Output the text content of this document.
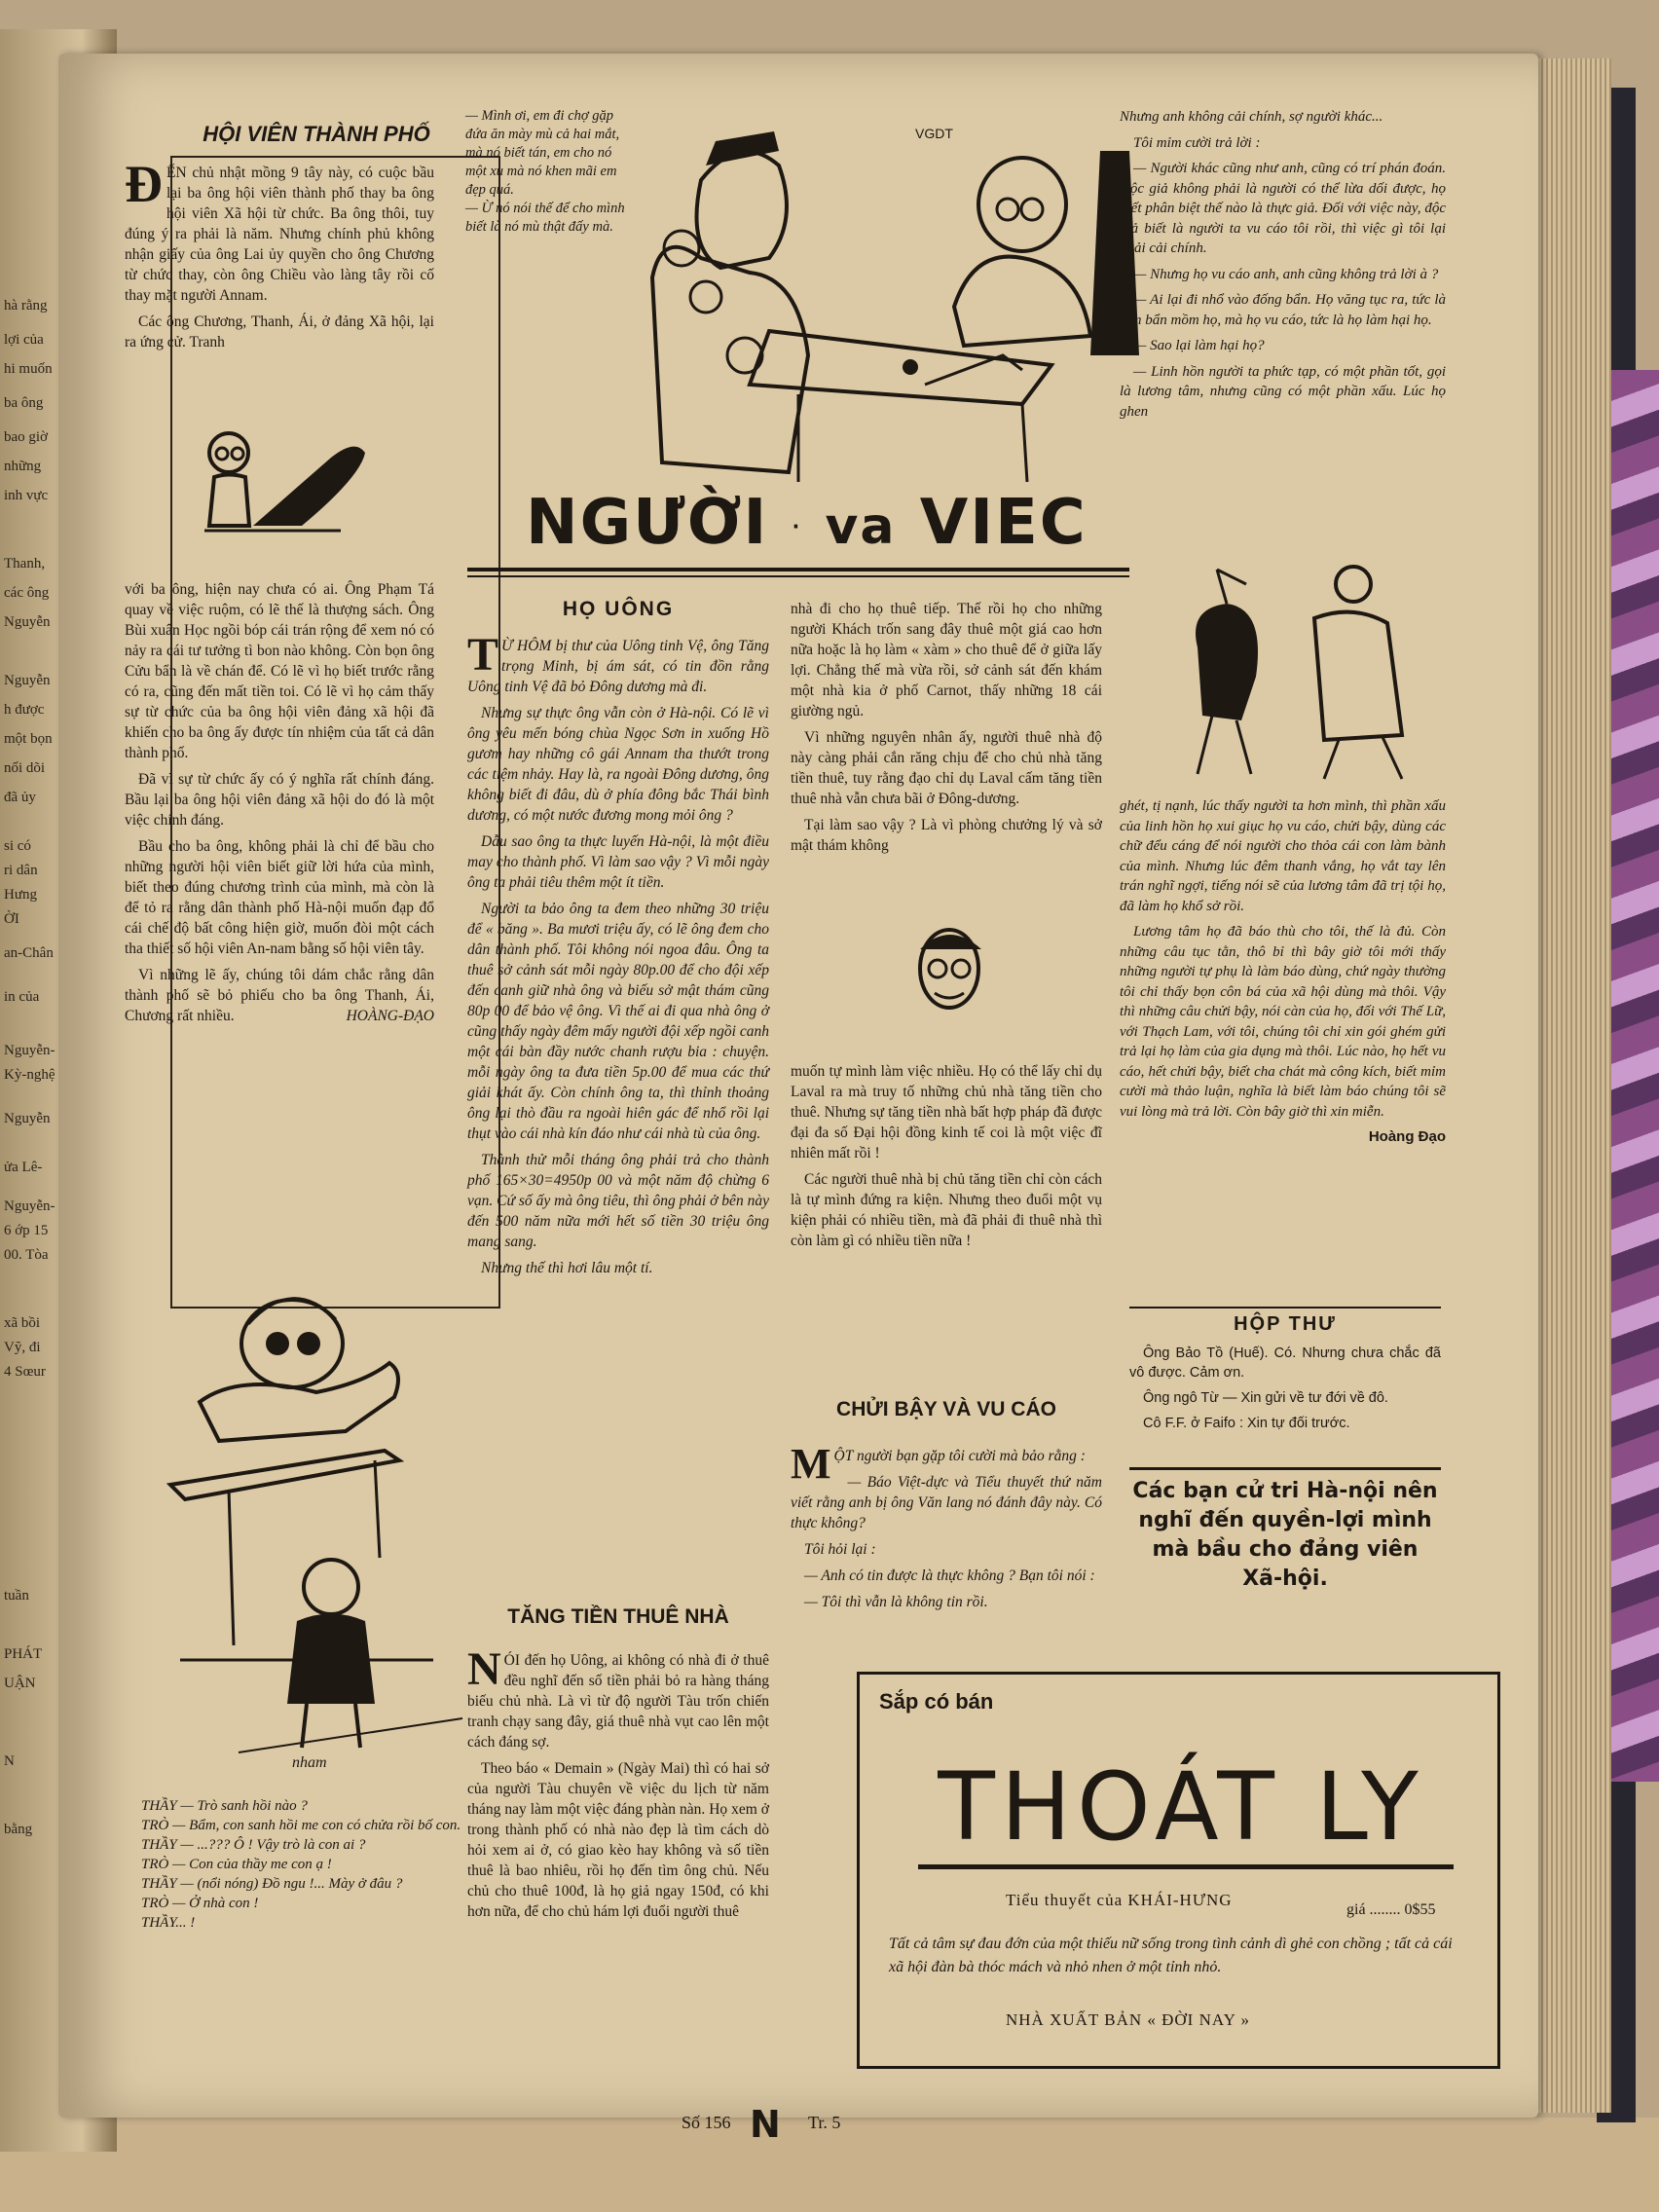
hà rằng
lợi của
hi muốn
ba ông
bao giờ
những
inh vực
Thanh,
các ông
Nguyễn
Nguyễn
h được
một bọn
nối dõi
đã ủy
si có
ri dân
Hưng
ỜI
an-Chân
in của
Nguyễn-
Kỳ-nghệ
Nguyễn
ửa Lê-
Nguyễn-
6 ớp 15
00. Tòa
xã bồi
Vỹ, đi
4 Sœur
tuần
PHÁT
UẬN
N
bằng
HỘI VIÊN THÀNH PHỐ

ĐẾN chủ nhật mồng 9 tây này, có cuộc bầu lại ba ông hội viên thành phố thay ba ông hội viên Xã hội từ chức. Ba ông thôi, tuy đúng ý ra phải là năm. Nhưng chính phủ không nhận giấy của ông Lai ủy quyền cho ông Chương từ chức thay, còn ông Chiều vào làng tây rồi cố thay mặt người Annam.

Các ông Chương, Thanh, Ái, ở đảng Xã hội, lại ra ứng cử. Tranh

với ba ông, hiện nay chưa có ai. Ông Phạm Tá quay về việc ruộm, có lẽ thế là thượng sách. Ông Bùi xuân Học ngồi bóp cái trán rộng để xem nó có nảy ra cái tư tưởng tì bon nào không. Còn bọn ông Cửu bẩn là về chán để. Có lẽ vì họ biết trước rằng có ra, cũng đến mất tiền toi. Có lẽ vì họ cảm thấy sự từ chức của ba ông hội viên đảng xã hội đã khiến cho ba ông ấy được tín nhiệm của tất cả dân thành phố.

Đã vì sự từ chức ấy có ý nghĩa rất chính đáng. Bầu lại ba ông hội viên đảng xã hội do đó là một việc chính đáng.

Bầu cho ba ông, không phải là chỉ để bầu cho những người hội viên biết giữ lời hứa của mình, biết theo đúng chương trình của mình, mà còn là để tỏ ra rằng dân thành phố Hà-nội muốn đạp đổ cái chế độ bất công hiện giờ, muốn đòi một cách tha thiết số hội viên An-nam bằng số hội viên tây.

Vì những lẽ ấy, chúng tôi dám chắc rằng dân thành phố sẽ bỏ phiếu cho ba ông Thanh, Ái, Chương rất nhiều.	HOÀNG-ĐẠO
nham
THẦY — Trò sanh hồi nào ?
TRÒ — Bẩm, con sanh hồi me con có chửa rồi bố con.
THẦY — ...??? Ô ! Vậy trò là con ai ?
TRÒ — Con của thầy me con ạ !
THẦY — (nổi nóng) Đồ ngu !... Mày ở đâu ?
TRÒ — Ở nhà con !
THẦY... !
— Mình ơi, em đi chợ gặp đứa ăn mày mù cả hai mắt, mà nó biết tán, em cho nó một xu mà nó khen mãi em đẹp quá.
— Ừ nó nói thế để cho mình biết là nó mù thật đấy mà.
VGDT
NGƯỜI · va VIEC
HỌ UÔNG

T Ừ HÔM bị thư của Uông tinh Vệ, ông Tăng trọng Minh, bị ám sát, có tin đồn rằng Uông tinh Vệ đã bỏ Đông dương mà đi.

Nhưng sự thực ông vẫn còn ở Hà-nội. Có lẽ vì ông yêu mến bóng chùa Ngọc Sơn in xuống Hồ gươm hay những cô gái Annam tha thướt trong các tiệm nhảy. Hay là, ra ngoài Đông dương, ông không biết đi đâu, dù ở phía đông bắc Thái bình dương, có một nước đương mong mỏi ông ?

Dẫu sao ông ta thực luyến Hà-nội, là một điều may cho thành phố. Vì làm sao vậy ? Vì mỗi ngày ông ta phải tiêu thêm một ít tiền.

Người ta bảo ông ta đem theo những 30 triệu để « băng ». Ba mươi triệu ấy, có lẽ ông đem cho dân thành phố. Tôi không nói ngoa đâu. Ông ta thuê sở cảnh sát mỗi ngày 80p.00 để cho đội xếp đến canh giữ nhà ông và biếu sở mật thám cũng 80p 00 để bảo vệ ông. Vì thế ai đi qua nhà ông ở cũng thấy ngày đêm mấy người đội xếp ngồi canh một cái bàn đầy nước chanh rượu bia : chuyện. mỗi ngày ông ta đưa tiền 5p.00 để mua các thứ giải khát ấy. Còn chính ông ta, thì thỉnh thoảng ông lại thò đầu ra ngoài hiên gác để nhổ rồi lại thụt vào cái nhà kín đáo như cái nhà tù của ông.

Thành thử mỗi tháng ông phải trả cho thành phố 165×30=4950p 00 và một năm độ chừng 6 vạn. Cứ số ấy mà ông tiêu, thì ông phải ở bên này đến 500 năm nữa mới hết số tiền 30 triệu ông mang sang.

Nhưng thế thì hơi lâu một tí.

TĂNG TIỀN THUÊ NHÀ

NÓI đến họ Uông, ai không có nhà đi ở thuê đều nghĩ đến số tiền phải bỏ ra hàng tháng biếu chủ nhà. Là vì từ độ người Tàu trốn chiến tranh chạy sang đây, giá thuê nhà vụt cao lên một cách đáng sợ.

Theo báo « Demain » (Ngày Mai) thì có hai sở của người Tàu chuyên về việc du lịch từ năm tháng nay làm một việc đáng phàn nàn. Họ xem ở trong thành phố có nhà nào đẹp là tìm cách dò hỏi xem ai ở, có giao kèo hay không và số tiền thuê là bao nhiêu, rồi họ đến tìm ông chủ. Nếu chủ cho thuê 100đ, là họ giả ngay 150đ, có khi hơn nữa, để cho chủ hám lợi đuổi người thuê

nhà đi cho họ thuê tiếp. Thế rồi họ cho những người Khách trốn sang đây thuê một giá cao hơn nữa hoặc là họ làm « xàm » cho thuê để ở giữa lấy lợi. Chẳng thế mà vừa rồi, sở cảnh sát đến khám một nhà kia ở phố Carnot, thấy những 18 cái giường ngủ.

Vì những nguyên nhân ấy, người thuê nhà độ này càng phải cắn răng chịu để cho chủ nhà tăng tiền thuê, tuy rằng đạo chỉ dụ Laval cấm tăng tiền thuê nhà vẫn chưa bãi ở Đông-dương.

Tại làm sao vậy ? Là vì phòng chưởng lý và sở mật thám không

muốn tự mình làm việc nhiều. Họ có thể lấy chỉ dụ Laval ra mà truy tố những chủ nhà tăng tiền cho thuê. Nhưng sự tăng tiền nhà bất hợp pháp đã được đại đa số Đại hội đồng kinh tế coi là một việc đĩ nhiên mất rồi !

Các người thuê nhà bị chủ tăng tiền chỉ còn cách là tự mình đứng ra kiện. Nhưng theo đuổi một vụ kiện phải có nhiều tiền, mà đã phải đi thuê nhà thì còn làm gì có nhiều tiền nữa !

CHỬI BẬY VÀ VU CÁO

MỘT người bạn gặp tôi cười mà bảo rằng :

— Báo Việt-dực và Tiểu thuyết thứ năm viết rằng anh bị ông Văn lang nó đánh đây này. Có thực không?

Tôi hỏi lại :

— Anh có tin được là thực không ? Bạn tôi nói :

— Tôi thì vẫn là không tin rồi.

Nhưng anh không cải chính, sợ người khác...

Tôi mỉm cười trả lời :

— Người khác cũng như anh, cũng có trí phán đoán. Độc giả không phải là người có thể lừa dối được, họ biết phân biệt thế nào là thực giả. Đối với việc này, độc giả biết là người ta vu cáo tôi rồi, thì việc gì tôi lại phải cải chính.

— Nhưng họ vu cáo anh, anh cũng không trả lời à ?

— Ai lại đi nhổ vào đống bẩn. Họ văng tục ra, tức là làm bẩn mồm họ, mà họ vu cáo, tức là họ làm hại họ.

— Sao lại làm hại họ?

— Linh hồn người ta phức tạp, có một phần tốt, gọi là lương tâm, nhưng cũng có một phần xấu. Lúc họ ghen

ghét, tị nạnh, lúc thấy người ta hơn mình, thì phần xấu của linh hồn họ xui giục họ vu cáo, chửi bậy, dùng các chữ đểu cáng để nói người cho thỏa cái con làm bành của mình. Nhưng lúc đêm thanh vắng, họ vắt tay lên trán nghĩ ngợi, tiếng nói sẽ của lương tâm đã trị tội họ, đã làm họ khổ sở rồi.

Lương tâm họ đã báo thù cho tôi, thế là đủ. Còn những câu tục tằn, thô bỉ thì bây giờ tôi mới thấy những người tự phụ là làm báo dùng, chứ ngày thường tôi chỉ thấy bọn côn bá của xã hội dùng mà thôi. Vậy thì những câu chửi bậy, nói càn của họ, đối với Thế Lữ, với Thạch Lam, với tôi, chúng tôi chỉ xin gói ghém gửi trả lại họ làm của gia dụng mà thôi. Lúc nào, họ hết vu cáo, hết chửi bậy, biết cha chát mà công kích, biết mỉm cười mà thảo luận, nghĩa là biết làm báo chúng tôi sẽ vui lòng mà trả lời. Còn bây giờ thì xin miễn.

Hoàng Đạo
HỘP THƯ

Ông Bảo Tồ (Huế). Có. Nhưng chưa chắc đã vô được. Cảm ơn.

Ông ngô Từ — Xin gửi về tư đới về đô.

Cô F.F. ở Faifo : Xin tự đối trước.

Các bạn cử tri Hà-nội nên nghĩ đến quyền-lợi mình mà bầu cho đảng viên Xã-hội.
Sắp có bán
THOÁT LY
Tiểu thuyết của KHÁI-HƯNG
giá ........ 0$55
Tất cả tâm sự đau đớn của một thiếu nữ sống trong tình cảnh dì ghẻ con chồng ; tất cả cái xã hội đàn bà thóc mách và nhỏ nhen ở một tỉnh nhỏ.
NHÀ XUẤT BẢN « ĐỜI NAY »
Số 156 N Tr. 5
